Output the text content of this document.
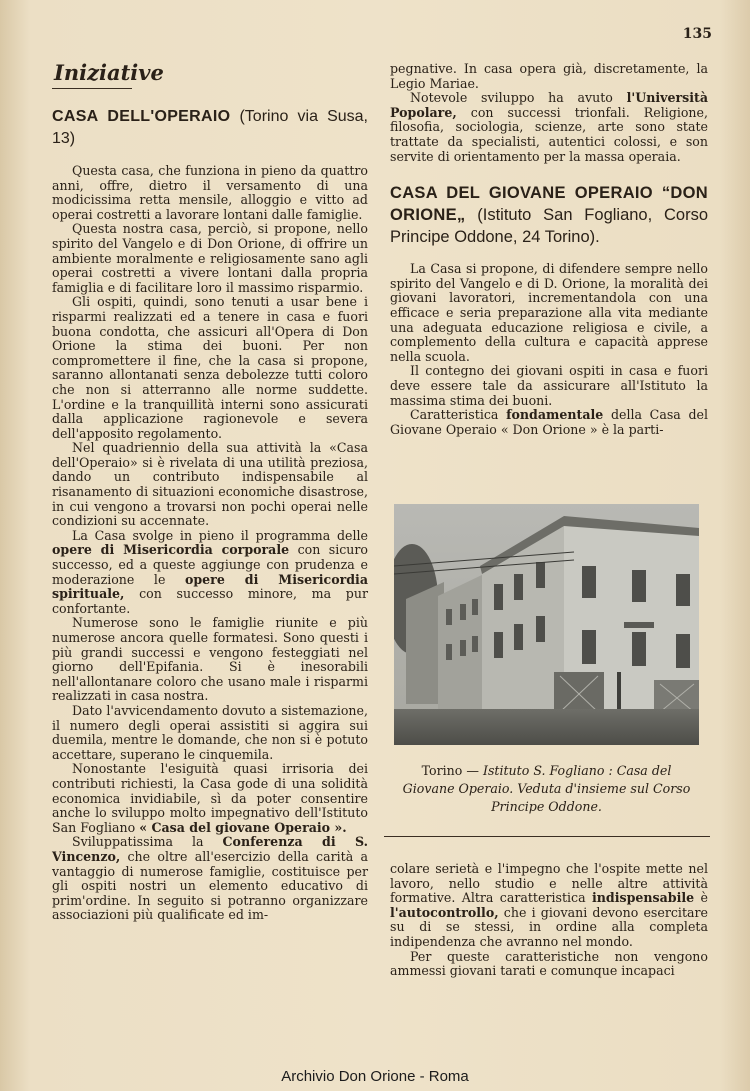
135
Iniziative
CASA DELL'OPERAIO (Torino via Susa, 13)

Questa casa, che funziona in pieno da quattro anni, offre, dietro il versamento di una modicissima retta mensile, alloggio e vitto ad operai costretti a lavorare lontani dalle famiglie.

Questa nostra casa, perciò, si propone, nello spirito del Vangelo e di Don Orione, di offrire un ambiente moralmente e religiosamente sano agli operai costretti a vivere lontani dalla propria famiglia e di facilitare loro il massimo risparmio.

Gli ospiti, quindi, sono tenuti a usar bene i risparmi realizzati ed a tenere in casa e fuori buona condotta, che assicuri all'Opera di Don Orione la stima dei buoni. Per non compromettere il fine, che la casa si propone, saranno allontanati senza debolezze tutti coloro che non si atterranno alle norme suddette. L'ordine e la tranquillità interni sono assicurati dalla applicazione ragionevole e severa dell'apposito regolamento.

Nel quadriennio della sua attività la «Casa dell'Operaio» si è rivelata di una utilità preziosa, dando un contributo indispensabile al risanamento di situazioni economiche disastrose, in cui vengono a trovarsi non pochi operai nelle condizioni su accennate.

La Casa svolge in pieno il programma delle opere di Misericordia corporale con sicuro successo, ed a queste aggiunge con prudenza e moderazione le opere di Misericordia spirituale, con successo minore, ma pur confortante.

Numerose sono le famiglie riunite e più numerose ancora quelle formatesi. Sono questi i più grandi successi e vengono festeggiati nel giorno dell'Epifania. Si è inesorabili nell'allontanare coloro che usano male i risparmi realizzati in casa nostra.

Dato l'avvicendamento dovuto a sistemazione, il numero degli operai assistiti si aggira sui duemila, mentre le domande, che non si è potuto accettare, superano le cinquemila.

Nonostante l'esiguità quasi irrisoria dei contributi richiesti, la Casa gode di una solidità economica invidiabile, sì da poter consentire anche lo sviluppo molto impegnativo dell'Istituto San Fogliano « Casa del giovane Operaio ».

Sviluppatissima la Conferenza di S. Vincenzo, che oltre all'esercizio della carità a vantaggio di numerose famiglie, costituisce per gli ospiti nostri un elemento educativo di prim'ordine. In seguito si potranno organizzare associazioni più qualificate ed im-

pegnative. In casa opera già, discretamente, la Legio Mariae.

Notevole sviluppo ha avuto l'Università Popolare, con successi trionfali. Religione, filosofia, sociologia, scienze, arte sono state trattate da specialisti, autentici colossi, e son servite di orientamento per la massa operaia.

CASA DEL GIOVANE OPERAIO “DON ORIONE„ (Istituto San Fogliano, Corso Principe Oddone, 24 Torino).

La Casa si propone, di difendere sempre nello spirito del Vangelo e di D. Orione, la moralità dei giovani lavoratori, incrementandola con una efficace e seria preparazione alla vita mediante una adeguata educazione religiosa e civile, a complemento della cultura e capacità apprese nella scuola.

Il contegno dei giovani ospiti in casa e fuori deve essere tale da assicurare all'Istituto la massima stima dei buoni.

Caratteristica fondamentale della Casa del Giovane Operaio « Don Orione » è la parti-

Torino — Istituto S. Fogliano : Casa del Giovane Operaio. Veduta d'insieme sul Corso Principe Oddone.

colare serietà e l'impegno che l'ospite mette nel lavoro, nello studio e nelle altre attività formative. Altra caratteristica indispensabile è l'autocontrollo, che i giovani devono esercitare su di se stessi, in ordine alla completa indipendenza che avranno nel mondo.

Per queste caratteristiche non vengono ammessi giovani tarati e comunque incapaci

Archivio Don Orione - Roma
